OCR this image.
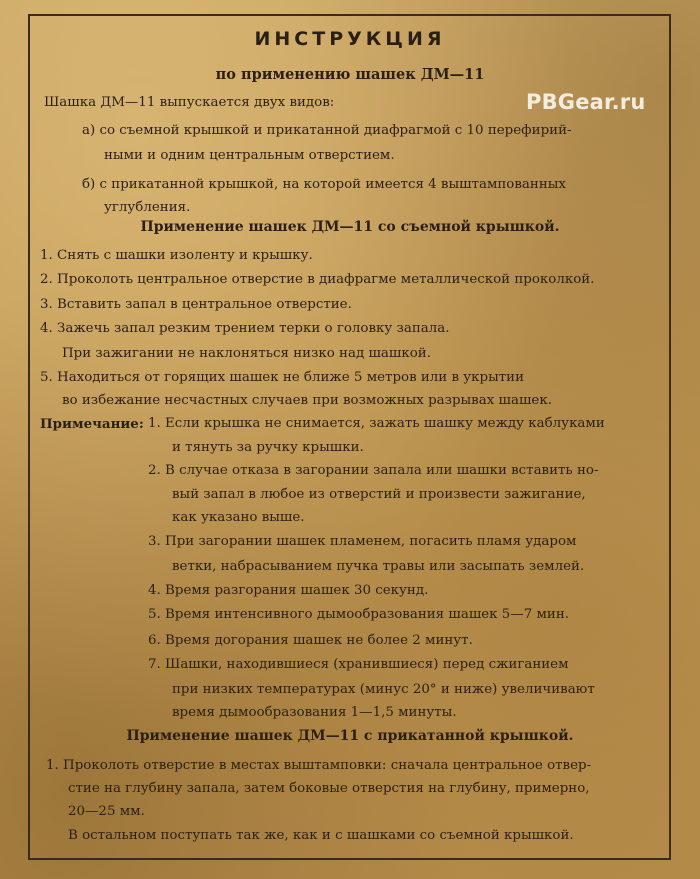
PBGear.ru
ИНСТРУКЦИЯ
по применению шашек ДМ—11
Шашка ДМ—11 выпускается двух видов:
а) со съемной крышкой и прикатанной диафрагмой с 10 перефирий-
ными и одним центральным отверстием.
б) с прикатанной крышкой, на которой имеется 4 выштампованных
углубления.
Применение шашек ДМ—11 со съемной крышкой.
1. Снять с шашки изоленту и крышку.
2. Проколоть центральное отверстие в диафрагме металлической проколкой.
3. Вставить запал в центральное отверстие.
4. Зажечь запал резким трением терки о головку запала.
При зажигании не наклоняться низко над шашкой.
5. Находиться от горящих шашек не ближе 5 метров или в укрытии
во избежание несчастных случаев при возможных разрывах шашек.
Примечание: 1. Если крышка не снимается, зажать шашку между каблуками
и тянуть за ручку крышки.
2. В случае отказа в загорании запала или шашки вставить но-
вый запал в любое из отверстий и произвести зажигание,
как указано выше.
3. При загорании шашек пламенем, погасить пламя ударом
ветки, набрасыванием пучка травы или засыпать землей.
4. Время разгорания шашек 30 секунд.
5. Время интенсивного дымообразования шашек 5—7 мин.
6. Время догорания шашек не более 2 минут.
7. Шашки, находившиеся (хранившиеся) перед сжиганием
при низких температурах (минус 20° и ниже) увеличивают
время дымообразования 1—1,5 минуты.
Применение шашек ДМ—11 с прикатанной крышкой.
1. Проколоть отверстие в местах выштамповки: сначала центральное отвер-
стие на глубину запала, затем боковые отверстия на глубину, примерно,
20—25 мм.
В остальном поступать так же, как и с шашками со съемной крышкой.
